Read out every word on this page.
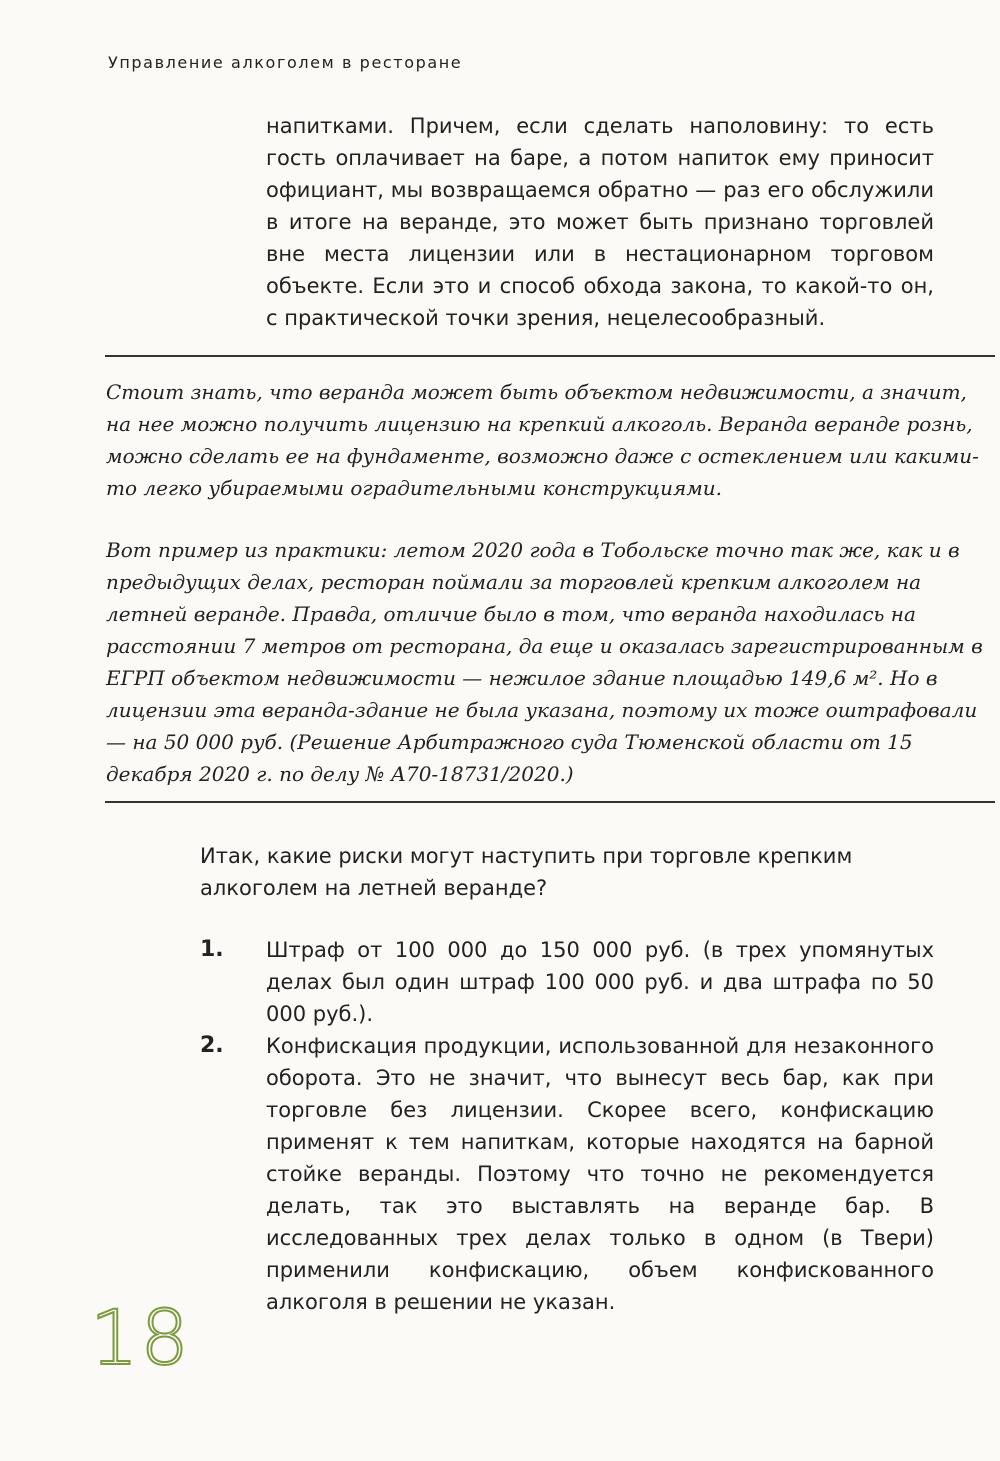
Управление алкоголем в ресторане

напитками. Причем, если сделать наполовину: то есть гость оплачивает на баре, а потом напиток ему приносит официант, мы возвращаемся обратно — раз его обслужили в итоге на веранде, это может быть признано торговлей вне места лицензии или в нестационарном торговом объекте. Если это и способ обхода закона, то какой-то он, с практической точки зрения, нецелесообразный.

Стоит знать, что веранда может быть объектом недвижимости, а значит, на нее можно получить лицензию на крепкий алкоголь. Веранда веранде рознь, можно сделать ее на фундаменте, возможно даже с остеклением или какими-то легко убираемыми оградительными конструкциями.

Вот пример из практики: летом 2020 года в Тобольске точно так же, как и в предыдущих делах, ресторан поймали за торговлей крепким алкоголем на летней веранде. Правда, отличие было в том, что веранда находилась на расстоянии 7 метров от ресторана, да еще и оказалась зарегистрированным в ЕГРП объектом недвижимости — нежилое здание площадью 149,6 м². Но в лицензии эта веранда-здание не была указана, поэтому их тоже оштрафовали — на 50 000 руб. (Решение Арбитражного суда Тюменской области от 15 декабря 2020 г. по делу № А70-18731/2020.)

Итак, какие риски могут наступить при торговле крепким алкоголем на летней веранде?

1. Штраф от 100 000 до 150 000 руб. (в трех упомянутых делах был один штраф 100 000 руб. и два штрафа по 50 000 руб.).

2. Конфискация продукции, использованной для незаконного оборота. Это не значит, что вынесут весь бар, как при торговле без лицензии. Скорее всего, конфискацию применят к тем напиткам, которые находятся на барной стойке веранды. Поэтому что точно не рекомендуется делать, так это выставлять на веранде бар. В исследованных трех делах только в одном (в Твери) применили конфискацию, объем конфискованного алкоголя в решении не указан.

18
